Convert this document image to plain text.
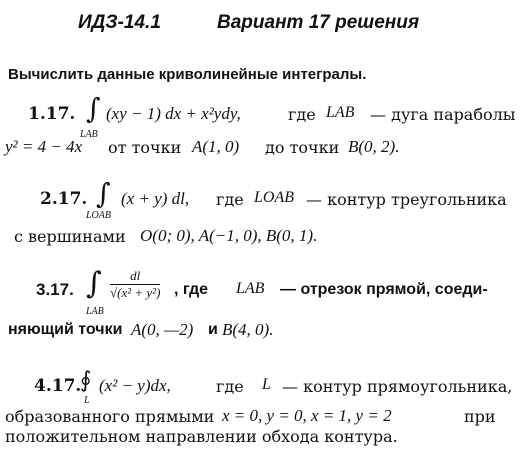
ИДЗ-14.1	Вариант 17 решения
Вычислить данные криволинейные интегралы.
1.17. ∫
LAB
(xy − 1) dx + x²ydy,	где LAB — дуга параболы
y² = 4 − 4x от точки A(1, 0) до точки B(0, 2).
2.17. ∫
LOAB
(x + y) dl, где LOAB — контур треугольника
с вершинами O(0; 0), A(−1, 0), B(0, 1).
3.17. ∫
LAB
$\frac{dl}{\text{√(x² + y²)}}$ , где LAB — отрезок прямой, соеди-
няющий точки A(0, —2) и B(4, 0).
4.17.
∮
L
(x² − y)dx,	где L — контур прямоугольника,
образованного прямыми x = 0, y = 0, x = 1, y = 2	при
положительном направлении обхода контура.
